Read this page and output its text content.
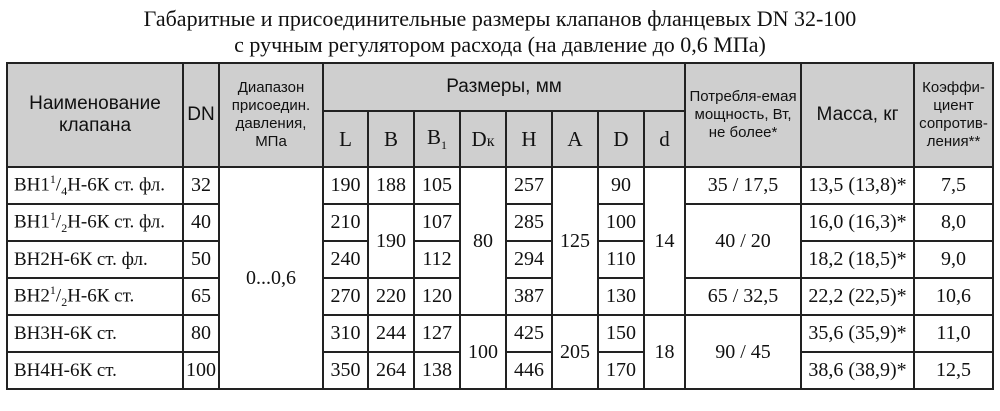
Габаритные и присоединительные размеры клапанов фланцевых DN 32-100
с ручным регулятором расхода (на давление до 0,6 МПа)
Наименование клапана	DN	Диапазон присоедин. давления, МПа	Размеры, мм								Потребля-емая мощность, Вт, не более*	Масса, кг	Коэффи-циент сопротив-ления**
			L	B	$B_1$	Dк	H	A	D	d			
$ВН1^1/_4Н-6К$ ст. фл.	32	0...0,6	190	188	105	80	257	125	90	14	35 / 17,5	13,5 (13,8)*	7,5
$ВН1^1/_2Н-6К$ ст. фл.	40		210	190	107		285		100		40 / 20	16,0 (16,3)*	8,0
ВН2Н-6К ст. фл.	50		240		112		294		110			18,2 (18,5)*	9,0
$ВН2^1/_2Н-6К$ ст.	65		270	220	120		387		130		65 / 32,5	22,2 (22,5)*	10,6
ВН3Н-6К ст.	80		310	244	127	100	425	205	150	18	90 / 45	35,6 (35,9)*	11,0
ВН4Н-6К ст.	100		350	264	138		446		170			38,6 (38,9)*	12,5
